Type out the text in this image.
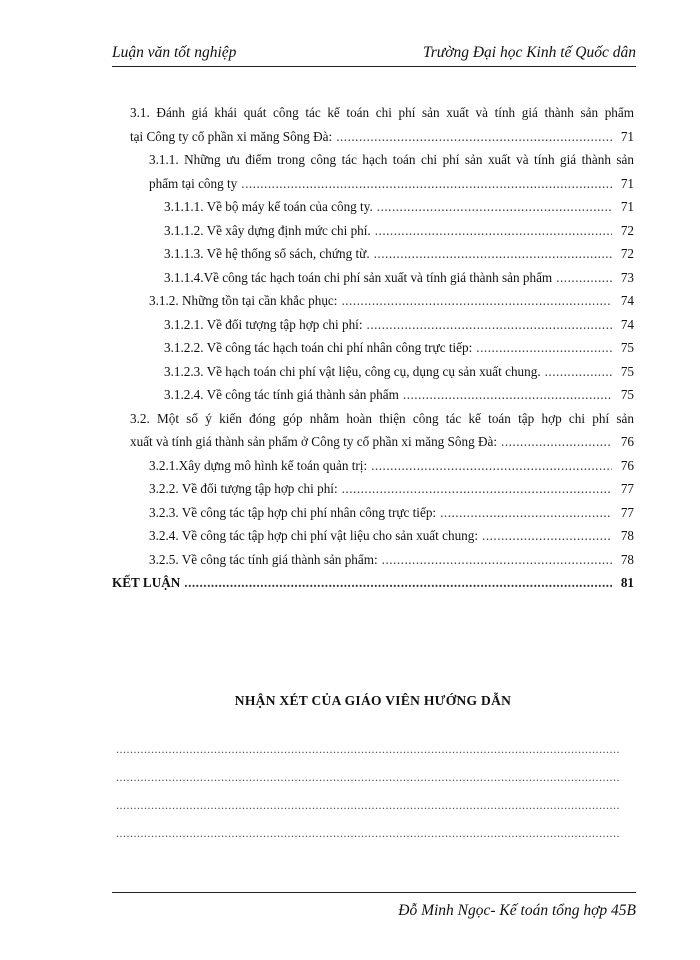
Luận văn tốt nghiệp	Trường Đại học Kinh tế Quốc dân
3.1. Đánh giá khái quát công tác kế toán chi phí sản xuất và tính giá thành sản phẩm
tại Công ty cổ phần xi măng Sông Đà: .....	71
3.1.1. Những ưu điểm trong công tác hạch toán chi phí sản xuất và tính giá thành sản
phẩm tại công ty .....	71
3.1.1.1. Về bộ máy kế toán của công ty. .....	71
3.1.1.2. Về xây dựng định mức chi phí. .....	72
3.1.1.3. Về hệ thống sổ sách, chứng từ. .....	72
3.1.1.4.Về công tác hạch toán chi phí sản xuất và tính giá thành sản phẩm .....	73
3.1.2. Những tồn tại cần khắc phục: .....	74
3.1.2.1. Về đối tượng tập hợp chi phí: .....	74
3.1.2.2. Về công tác hạch toán chi phí nhân công trực tiếp: .....	75
3.1.2.3. Về hạch toán chi phí vật liệu, công cụ, dụng cụ sản xuất chung. .....	75
3.1.2.4. Về công tác tính giá thành sản phẩm .....	75
3.2. Một số ý kiến đóng góp nhằm hoàn thiện công tác kế toán tập hợp chi phí sản
xuất và tính giá thành sản phẩm ở Công ty cổ phần xi măng Sông Đà: .....	76
3.2.1.Xây dựng mô hình kế toán quản trị: .....	76
3.2.2. Về đối tượng tập hợp chi phí: .....	77
3.2.3. Về công tác tập hợp chi phí nhân công trực tiếp: .....	77
3.2.4. Về công tác tập hợp chi phí vật liệu cho sản xuất chung: .....	78
3.2.5. Về công tác tính giá thành sản phẩm: .....	78
KẾT LUẬN .....	81
NHẬN XÉT CỦA GIÁO VIÊN HƯỚNG DẪN
.....
.....
.....
.....
Đỗ Minh Ngọc- Kế toán tổng hợp 45B
